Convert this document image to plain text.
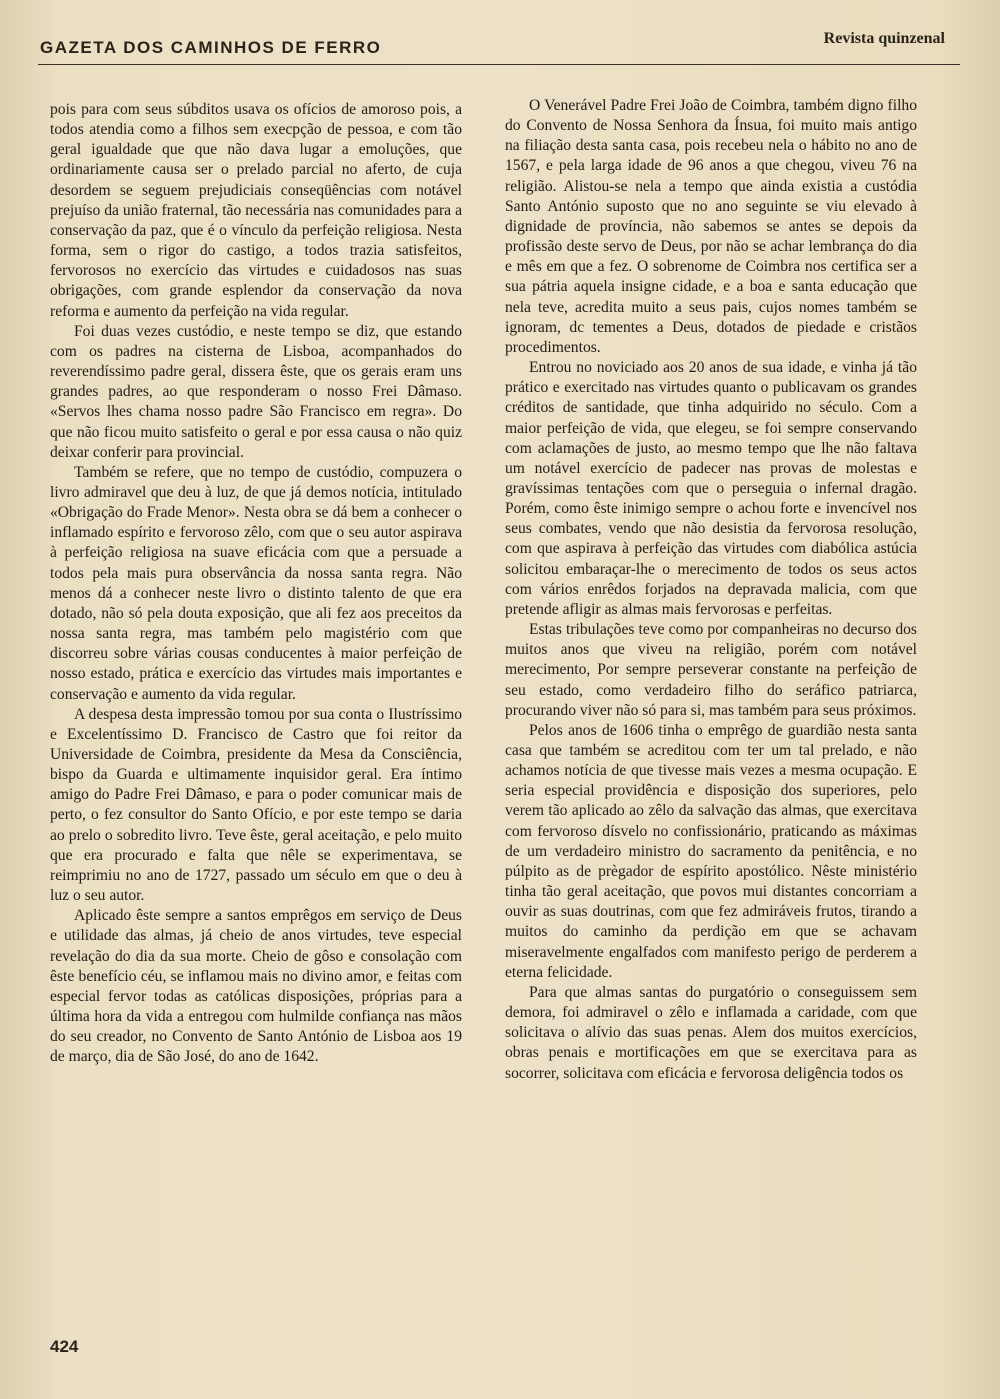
GAZETA DOS CAMINHOS DE FERRO	Revista quinzenal

pois para com seus súbditos usava os ofícios de amoroso pois, a todos atendia como a filhos sem execpção de pessoa, e com tão geral igualdade que que não dava lugar a emoluções, que ordinariamente causa ser o prelado parcial no aferto, de cuja desordem se seguem prejudiciais conseqüências com notável prejuíso da união fraternal, tão necessária nas comunidades para a conservação da paz, que é o vínculo da perfeição religiosa. Nesta forma, sem o rigor do castigo, a todos trazia satisfeitos, fervorosos no exercício das virtudes e cuidadosos nas suas obrigações, com grande esplendor da conservação da nova reforma e aumento da perfeição na vida regular.

Foi duas vezes custódio, e neste tempo se diz, que estando com os padres na cisterna de Lisboa, acompanhados do reverendíssimo padre geral, dissera êste, que os gerais eram uns grandes padres, ao que responderam o nosso Frei Dâmaso. «Servos lhes chama nosso padre São Francisco em regra». Do que não ficou muito satisfeito o geral e por essa causa o não quiz deixar conferir para provincial.

Também se refere, que no tempo de custódio, compuzera o livro admiravel que deu à luz, de que já demos notícia, intitulado «Obrigação do Frade Menor». Nesta obra se dá bem a conhecer o inflamado espírito e fervoroso zêlo, com que o seu autor aspirava à perfeição religiosa na suave eficácia com que a persuade a todos pela mais pura observância da nossa santa regra. Não menos dá a conhecer neste livro o distinto talento de que era dotado, não só pela douta exposição, que ali fez aos preceitos da nossa santa regra, mas também pelo magistério com que discorreu sobre várias cousas conducentes à maior perfeição de nosso estado, prática e exercício das virtudes mais importantes e conservação e aumento da vida regular.

A despesa desta impressão tomou por sua conta o Ilustríssimo e Excelentíssimo D. Francisco de Castro que foi reitor da Universidade de Coimbra, presidente da Mesa da Consciência, bispo da Guarda e ultimamente inquisidor geral. Era íntimo amigo do Padre Frei Dâmaso, e para o poder comunicar mais de perto, o fez consultor do Santo Ofício, e por este tempo se daria ao prelo o sobredito livro. Teve êste, geral aceitação, e pelo muito que era procurado e falta que nêle se experimentava, se reimprimiu no ano de 1727, passado um século em que o deu à luz o seu autor.

Aplicado êste sempre a santos emprêgos em serviço de Deus e utilidade das almas, já cheio de anos virtudes, teve especial revelação do dia da sua morte. Cheio de gôso e consolação com êste benefício céu, se inflamou mais no divino amor, e feitas com especial fervor todas as católicas disposições, próprias para a última hora da vida a entregou com hulmilde confiança nas mãos do seu creador, no Convento de Santo António de Lisboa aos 19 de março, dia de São José, do ano de 1642.

O Venerável Padre Frei João de Coimbra, também digno filho do Convento de Nossa Senhora da Ínsua, foi muito mais antigo na filiação desta santa casa, pois recebeu nela o hábito no ano de 1567, e pela larga idade de 96 anos a que chegou, viveu 76 na religião. Alistou-se nela a tempo que ainda existia a custódia Santo António suposto que no ano seguinte se viu elevado à dignidade de província, não sabemos se antes se depois da profissão deste servo de Deus, por não se achar lembrança do dia e mês em que a fez. O sobrenome de Coimbra nos certifica ser a sua pátria aquela insigne cidade, e a boa e santa educação que nela teve, acredita muito a seus pais, cujos nomes também se ignoram, dc tementes a Deus, dotados de piedade e cristãos procedimentos.

Entrou no noviciado aos 20 anos de sua idade, e vinha já tão prático e exercitado nas virtudes quanto o publicavam os grandes créditos de santidade, que tinha adquirido no século. Com a maior perfeição de vida, que elegeu, se foi sempre conservando com aclamações de justo, ao mesmo tempo que lhe não faltava um notável exercício de padecer nas provas de molestas e gravíssimas tentações com que o perseguia o infernal dragão. Porém, como êste inimigo sempre o achou forte e invencível nos seus combates, vendo que não desistia da fervorosa resolução, com que aspirava à perfeição das virtudes com diabólica astúcia solicitou embaraçar-lhe o merecimento de todos os seus actos com vários enrêdos forjados na depravada malicia, com que pretende afligir as almas mais fervorosas e perfeitas.

Estas tribulações teve como por companheiras no decurso dos muitos anos que viveu na religião, porém com notável merecimento, Por sempre perseverar constante na perfeição de seu estado, como verdadeiro filho do seráfico patriarca, procurando viver não só para si, mas também para seus próximos.

Pelos anos de 1606 tinha o emprêgo de guardião nesta santa casa que também se acreditou com ter um tal prelado, e não achamos notícia de que tivesse mais vezes a mesma ocupação. E seria especial providência e disposição dos superiores, pelo verem tão aplicado ao zêlo da salvação das almas, que exercitava com fervoroso dísvelo no confissionário, praticando as máximas de um verdadeiro ministro do sacramento da penitência, e no púlpito as de prègador de espírito apostólico. Nêste ministério tinha tão geral aceitação, que povos mui distantes concorriam a ouvir as suas doutrinas, com que fez admiráveis frutos, tirando a muitos do caminho da perdição em que se achavam miseravelmente engalfados com manifesto perigo de perderem a eterna felicidade.

Para que almas santas do purgatório o conseguissem sem demora, foi admiravel o zêlo e inflamada a caridade, com que solicitava o alívio das suas penas. Alem dos muitos exercícios, obras penais e mortificações em que se exercitava para as socorrer, solicitava com eficácia e fervorosa deligência todos os

424
